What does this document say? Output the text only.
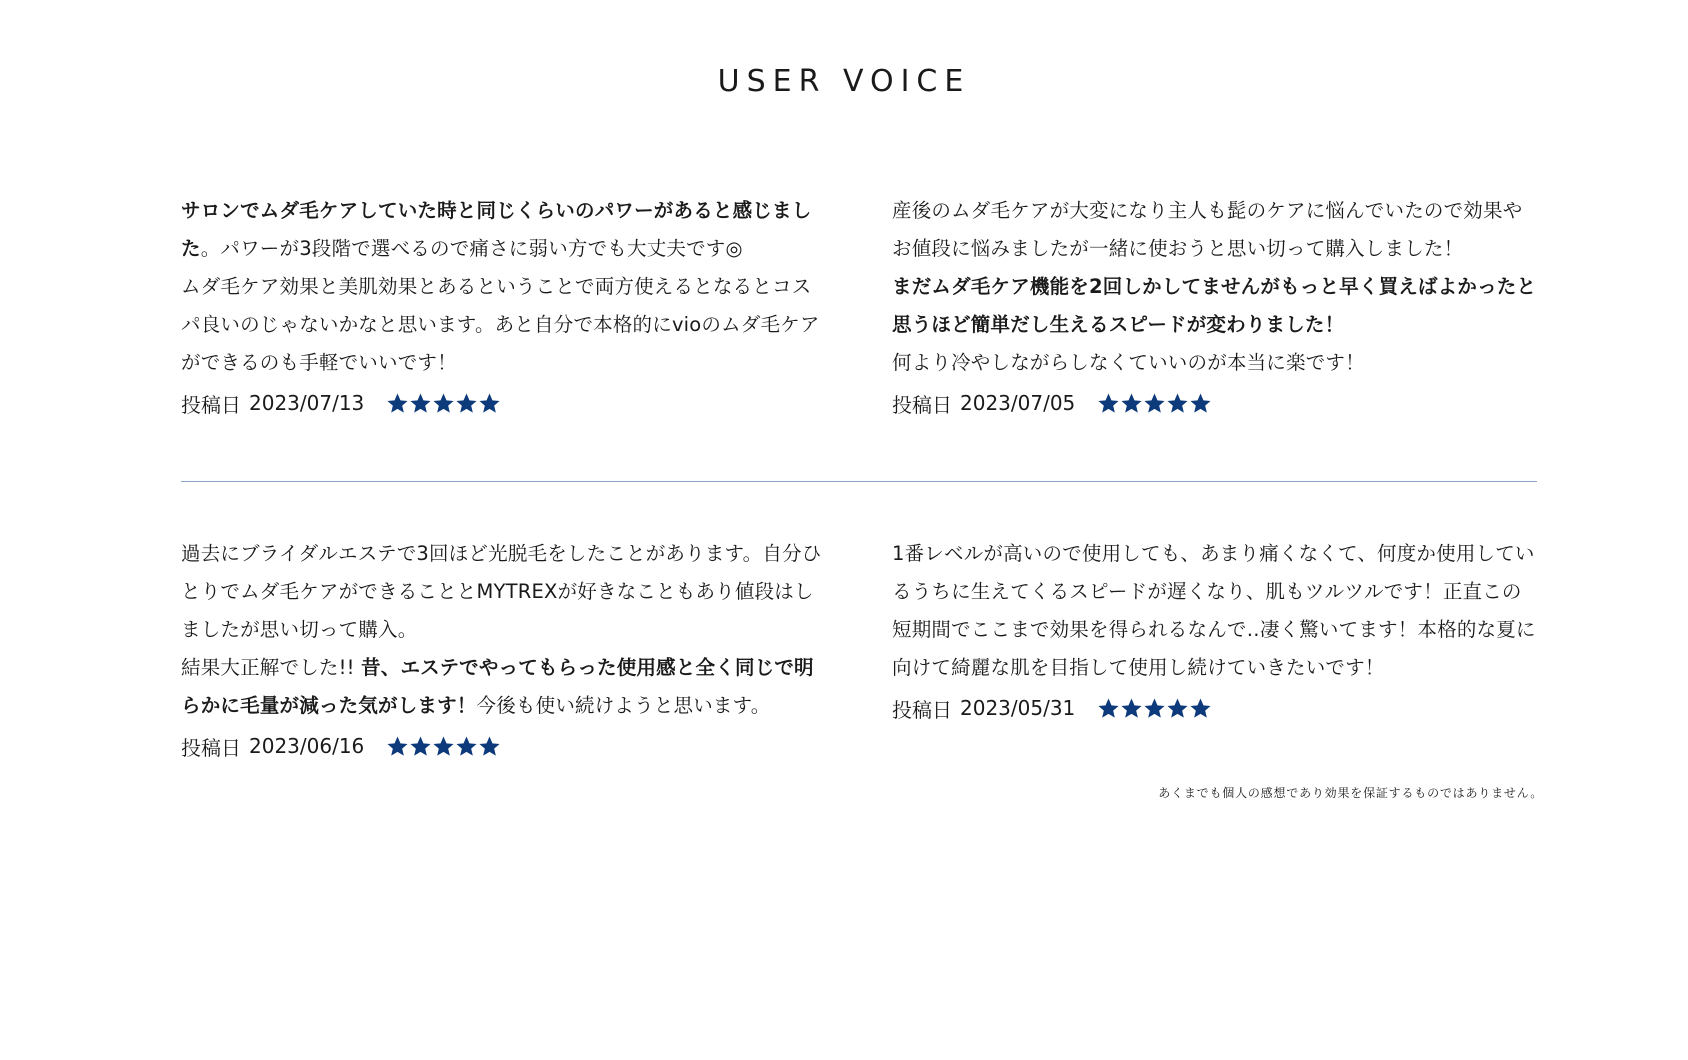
USER VOICE

サロンでムダ毛ケアしていた時と同じくらいのパワーがあると感じました。パワーが3段階で選べるので痛さに弱い方でも大丈夫です◎
ムダ毛ケア効果と美肌効果とあるということで両方使えるとなるとコスパ良いのじゃないかなと思います。あと自分で本格的にvioのムダ毛ケアができるのも手軽でいいです！

投稿日 2023/07/13

産後のムダ毛ケアが大変になり主人も髭のケアに悩んでいたので効果やお値段に悩みましたが一緒に使おうと思い切って購入しました！
まだムダ毛ケア機能を2回しかしてませんがもっと早く買えばよかったと思うほど簡単だし生えるスピードが変わりました！
何より冷やしながらしなくていいのが本当に楽です！

投稿日 2023/07/05

過去にブライダルエステで3回ほど光脱毛をしたことがあります。自分ひとりでムダ毛ケアができることとMYTREXが好きなこともあり値段はしましたが思い切って購入。
結果大正解でした!! 昔、エステでやってもらった使用感と全く同じで明らかに毛量が減った気がします！今後も使い続けようと思います。

投稿日 2023/06/16

1番レベルが高いので使用しても、あまり痛くなくて、何度か使用しているうちに生えてくるスピードが遅くなり、肌もツルツルです！正直この短期間でここまで効果を得られるなんで‥凄く驚いてます！本格的な夏に向けて綺麗な肌を目指して使用し続けていきたいです！

投稿日 2023/05/31
あくまでも個人の感想であり効果を保証するものではありません。
